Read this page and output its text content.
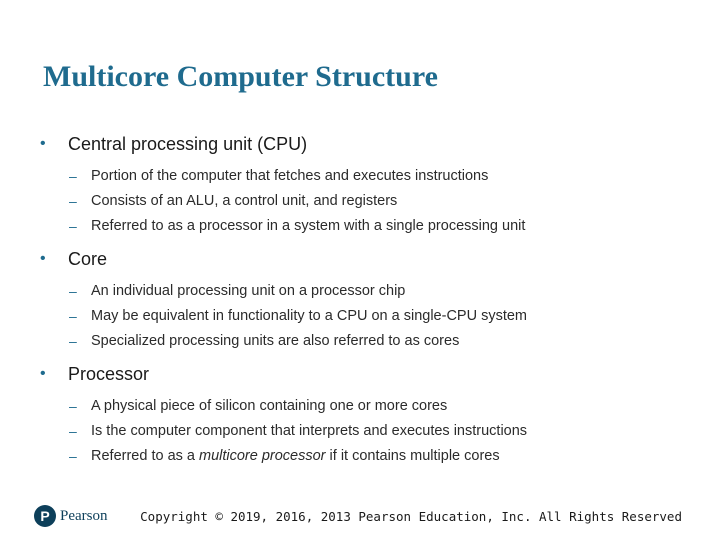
Multicore Computer Structure
•	Central processing unit (CPU)
– Portion of the computer that fetches and executes instructions
– Consists of an ALU, a control unit, and registers
– Referred to as a processor in a system with a single processing unit
•	Core
– An individual processing unit on a processor chip
– May be equivalent in functionality to a CPU on a single-CPU system
– Specialized processing units are also referred to as cores
•	Processor
– A physical piece of silicon containing one or more cores
– Is the computer component that interprets and executes instructions
– Referred to as a multicore processor if it contains multiple cores
P Pearson	Copyright © 2019, 2016, 2013 Pearson Education, Inc. All Rights Reserved
